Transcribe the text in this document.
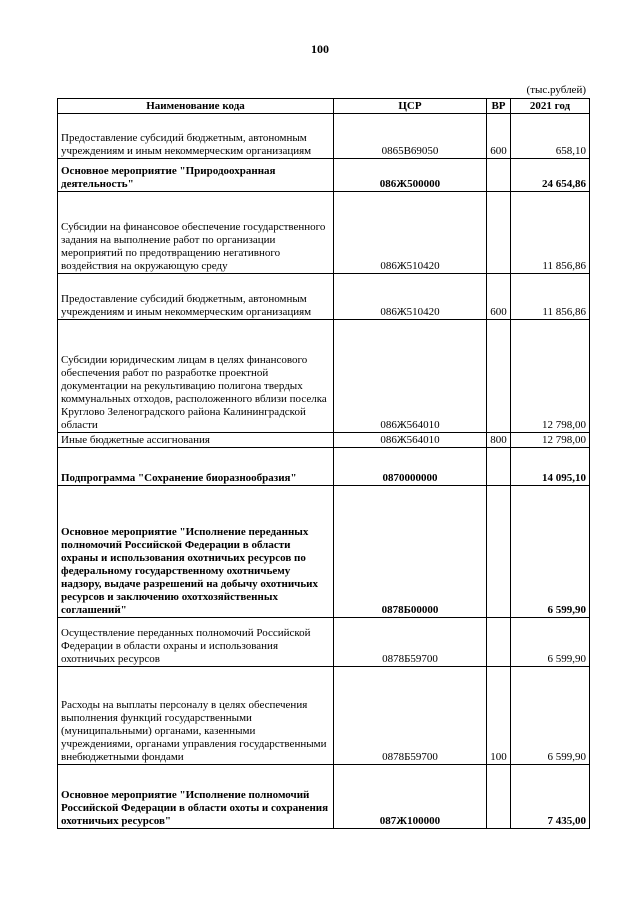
100
(тыс.рублей)
Наименование кода	ЦСР	ВР	2021 год
Предоставление субсидий бюджетным, автономным учреждениям и иным некоммерческим организациям	0865В69050	600	658,10
Основное мероприятие "Природоохранная деятельность"	086Ж500000		24 654,86
Субсидии на финансовое обеспечение государственного задания на выполнение работ по организации мероприятий по предотвращению негативного воздействия на окружающую среду	086Ж510420		11 856,86
Предоставление субсидий бюджетным, автономным учреждениям и иным некоммерческим организациям	086Ж510420	600	11 856,86
Субсидии юридическим лицам в целях финансового обеспечения работ по разработке проектной документации на рекультивацию полигона твердых коммунальных отходов, расположенного вблизи поселка Круглово Зеленоградского района Калининградской области	086Ж564010		12 798,00
Иные бюджетные ассигнования	086Ж564010	800	12 798,00
Подпрограмма "Сохранение биоразнообразия"	0870000000		14 095,10
Основное мероприятие "Исполнение переданных полномочий Российской Федерации в области охраны и использования охотничьих ресурсов по федеральному государственному охотничьему надзору, выдаче разрешений на добычу охотничьих ресурсов и заключению охотхозяйственных соглашений"	0878Б00000		6 599,90
Осуществление переданных полномочий Российской Федерации в области охраны и использования охотничьих ресурсов	0878Б59700		6 599,90
Расходы на выплаты персоналу в целях обеспечения выполнения функций государственными (муниципальными) органами, казенными учреждениями, органами управления государственными внебюджетными фондами	0878Б59700	100	6 599,90
Основное мероприятие "Исполнение полномочий Российской Федерации в области охоты и сохранения охотничьих ресурсов"	087Ж100000		7 435,00
